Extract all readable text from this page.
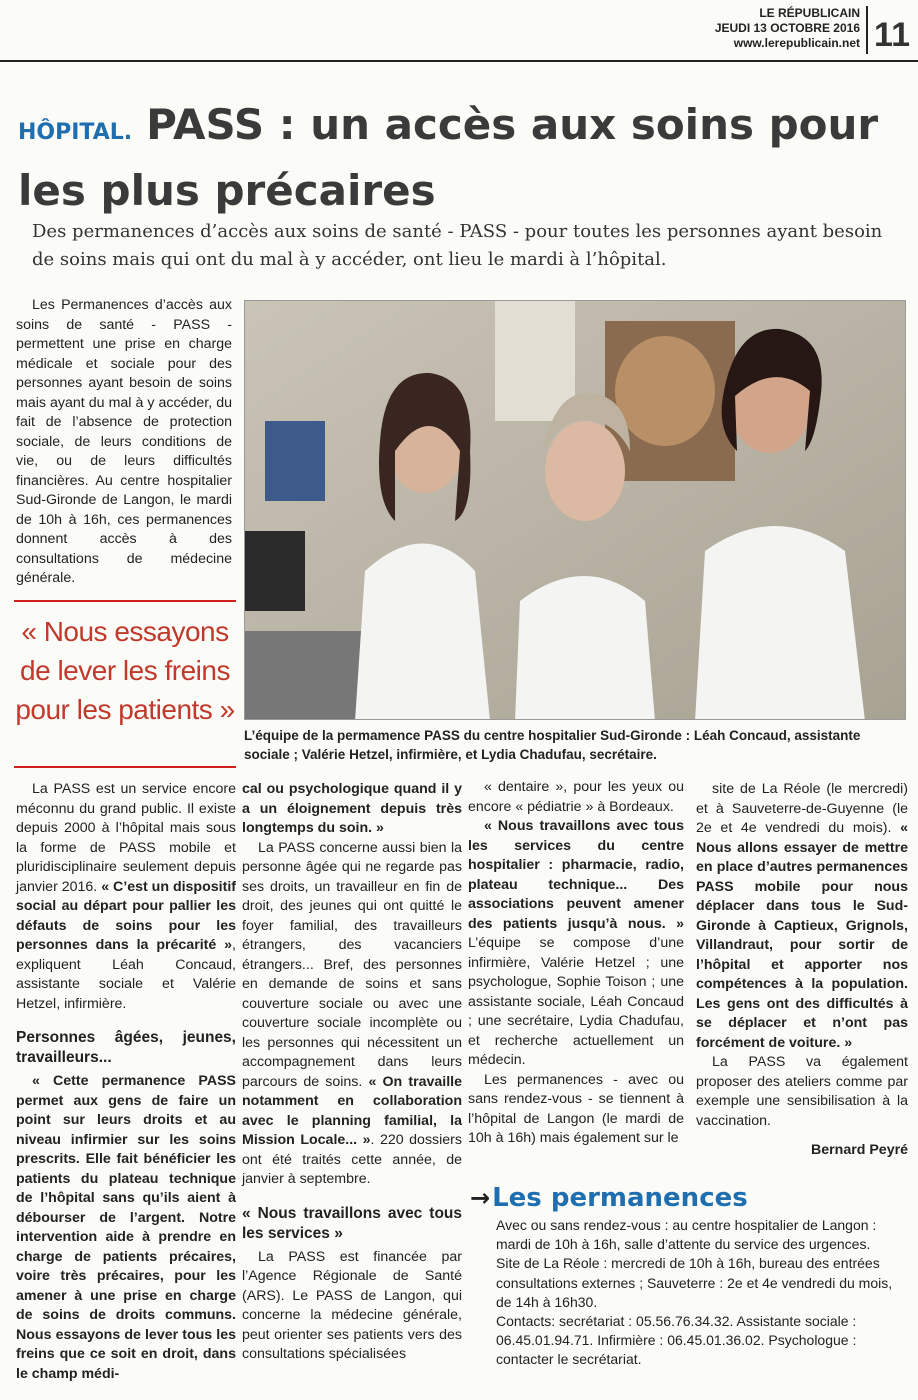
LE RÉPUBLICAIN
JEUDI 13 OCTOBRE 2016
www.lerepublicain.net 11
HÔPITAL. PASS : un accès aux soins pour les plus précaires
Des permanences d’accès aux soins de santé - PASS - pour toutes les personnes ayant besoin de soins mais qui ont du mal à y accéder, ont lieu le mardi à l’hôpital.

Les Permanences d’accès aux soins de santé - PASS - permettent une prise en charge médicale et sociale pour des personnes ayant besoin de soins mais ayant du mal à y accéder, du fait de l’absence de protection sociale, de leurs conditions de vie, ou de leurs difficultés financières. Au centre hospitalier Sud-Gironde de Langon, le mardi de 10h à 16h, ces permanences donnent accès à des consultations de médecine générale.

« Nous essayons de lever les freins pour les patients »
L’équipe de la permamence PASS du centre hospitalier Sud-Gironde : Léah Concaud, assistante sociale ; Valérie Hetzel, infirmière, et Lydia Chadufau, secrétaire.

La PASS est un service encore méconnu du grand public. Il existe depuis 2000 à l’hôpital mais sous la forme de PASS mobile et pluridisciplinaire seulement depuis janvier 2016. « C’est un dispositif social au départ pour pallier les défauts de soins pour les personnes dans la précarité », expliquent Léah Concaud, assistante sociale et Valérie Hetzel, infirmière.

Personnes âgées, jeunes, travailleurs...

« Cette permanence PASS permet aux gens de faire un point sur leurs droits et au niveau infirmier sur les soins prescrits. Elle fait bénéficier les patients du plateau technique de l’hôpital sans qu’ils aient à débourser de l’argent. Notre intervention aide à prendre en charge de patients précaires, voire très précaires, pour les amener à une prise en charge de soins de droits communs. Nous essayons de lever tous les freins que ce soit en droit, dans le champ médi-

cal ou psychologique quand il y a un éloignement depuis très longtemps du soin. »

La PASS concerne aussi bien la personne âgée qui ne regarde pas ses droits, un travailleur en fin de droit, des jeunes qui ont quitté le foyer familial, des travailleurs étrangers, des vacanciers étrangers... Bref, des personnes en demande de soins et sans couverture sociale ou avec une couverture sociale incomplète ou les personnes qui nécessitent un accompagnement dans leurs parcours de soins. « On travaille notamment en collaboration avec le planning familial, la Mission Locale... ». 220 dossiers ont été traités cette année, de janvier à septembre.

« Nous travaillons avec tous les services »

La PASS est financée par l’Agence Régionale de Santé (ARS). Le PASS de Langon, qui concerne la médecine générale, peut orienter ses patients vers des consultations spécialisées

« dentaire », pour les yeux ou encore « pédiatrie » à Bordeaux.

« Nous travaillons avec tous les services du centre hospitalier : pharmacie, radio, plateau technique... Des associations peuvent amener des patients jusqu’à nous. » L’équipe se compose d’une infirmière, Valérie Hetzel ; une psychologue, Sophie Toison ; une assistante sociale, Léah Concaud ; une secrétaire, Lydia Chadufau, et recherche actuellement un médecin.

Les permanences - avec ou sans rendez-vous - se tiennent à l’hôpital de Langon (le mardi de 10h à 16h) mais également sur le

site de La Réole (le mercredi) et à Sauveterre-de-Guyenne (le 2e et 4e vendredi du mois). « Nous allons essayer de mettre en place d’autres permanences PASS mobile pour nous déplacer dans tous le Sud-Gironde à Captieux, Grignols, Villandraut, pour sortir de l’hôpital et apporter nos compétences à la population. Les gens ont des difficultés à se déplacer et n’ont pas forcément de voiture. »

La PASS va également proposer des ateliers comme par exemple une sensibilisation à la vaccination.

Bernard Peyré

→Les permanences

Avec ou sans rendez-vous : au centre hospitalier de Langon : mardi de 10h à 16h, salle d’attente du service des urgences.

Site de La Réole : mercredi de 10h à 16h, bureau des entrées consultations externes ; Sauveterre : 2e et 4e vendredi du mois, de 14h à 16h30.

Contacts: secrétariat : 05.56.76.34.32. Assistante sociale : 06.45.01.94.71. Infirmière : 06.45.01.36.02. Psychologue : contacter le secrétariat.
